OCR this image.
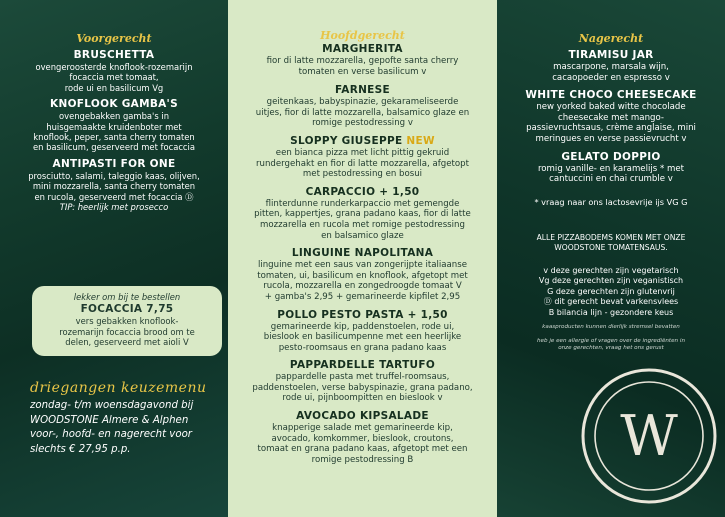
Voorgerecht
BRUSCHETTA
ovengeroosterde knoflook-rozemarijn
focaccia met tomaat,
rode ui en basilicum Vg
KNOFLOOK GAMBA'S
ovengebakken gamba's in
huisgemaakte kruidenboter met
knoflook, peper, santa cherry tomaten
en basilicum, geserveerd met focaccia
ANTIPASTI FOR ONE
prosciutto, salami, taleggio kaas, olijven,
mini mozzarella, santa cherry tomaten
en rucola, geserveerd met focaccia Ⓓ
TIP: heerlijk met prosecco
lekker om bij te bestellen
FOCACCIA 7,75
vers gebakken knoflook-
rozemarijn focaccia brood om te
delen, geserveerd met aioli V
driegangen keuzemenu
zondag- t/m woensdagavond bij
WOODSTONE Almere & Alphen
voor-, hoofd- en nagerecht voor
slechts € 27,95 p.p.
Hoofdgerecht
MARGHERITA
fior di latte mozzarella, gepofte santa cherry
tomaten en verse basilicum v
FARNESE
geitenkaas, babyspinazie, gekarameliseerde
uitjes, fior di latte mozzarella, balsamico glaze en
romige pestodressing v
SLOPPY GIUSEPPE NEW
een bianca pizza met licht pittig gekruid
rundergehakt en fior di latte mozzarella, afgetopt
met pestodressing en bosui
CARPACCIO + 1,50
flinterdunne runderkarpaccio met gemengde
pitten, kappertjes, grana padano kaas, fior di latte
mozzarella en rucola met romige pestodressing
en balsamico glaze
LINGUINE NAPOLITANA
linguine met een saus van zongerijpte italiaanse
tomaten, ui, basilicum en knoflook, afgetopt met
rucola, mozzarella en zongedroogde tomaat V
+ gamba's 2,95 + gemarineerde kipfilet 2,95
POLLO PESTO PASTA + 1,50
gemarineerde kip, paddenstoelen, rode ui,
bieslook en basilicumpenne met een heerlijke
pesto-roomsaus en grana padano kaas
PAPPARDELLE TARTUFO
pappardelle pasta met truffel-roomsaus,
paddenstoelen, verse babyspinazie, grana padano,
rode ui, pijnboompitten en bieslook v
AVOCADO KIPSALADE
knapperige salade met gemarineerde kip,
avocado, komkommer, bieslook, croutons,
tomaat en grana padano kaas, afgetopt met een
romige pestodressing B
Nagerecht
TIRAMISU JAR
mascarpone, marsala wijn,
cacaopoeder en espresso v
WHITE CHOCO CHEESECAKE
new yorked baked witte chocolade
cheesecake met mango-
passievruchtsaus, crème anglaise, mini
meringues en verse passievrucht v
GELATO DOPPIO
romig vanille- en karamelijs * met
cantuccini en chai crumble v
* vraag naar ons lactosevrije ijs VG G
ALLE PIZZABODEMS KOMEN MET ONZE
WOODSTONE TOMATENSAUS.
v deze gerechten zijn vegetarisch
Vg deze gerechten zijn veganistisch
G deze gerechten zijn glutenvrij
Ⓓ dit gerecht bevat varkensvlees
B bilancia lijn - gezondere keus
kaasproducten kunnen dierlijk stremsel bevatten
heb je een allergie of vragen over de ingrediënten in
onze gerechten, vraag het ons gerust
W
